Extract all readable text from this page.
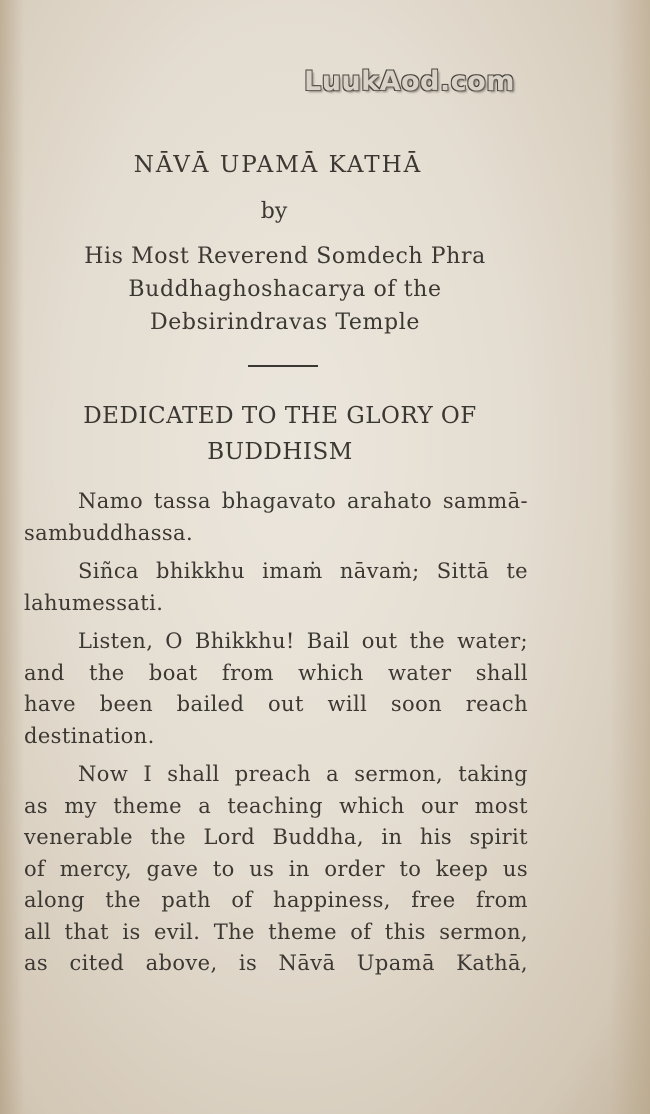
LuukAod.com
NĀVĀ UPAMĀ KATHĀ
by
His Most Reverend Somdech Phra
Buddhaghoshacarya of the
Debsirindravas Temple
DEDICATED TO THE GLORY OF
BUDDHISM
Namo tassa bhagavato arahato sammā-
sambuddhassa.
Siñca bhikkhu imaṁ nāvaṁ; Sittā te
lahumessati.
Listen, O Bhikkhu! Bail out the water;
and the boat from which water shall
have been bailed out will soon reach
destination.
Now I shall preach a sermon, taking
as my theme a teaching which our most
venerable the Lord Buddha, in his spirit
of mercy, gave to us in order to keep us
along the path of happiness, free from
all that is evil. The theme of this sermon,
as cited above, is Nāvā Upamā Kathā,
